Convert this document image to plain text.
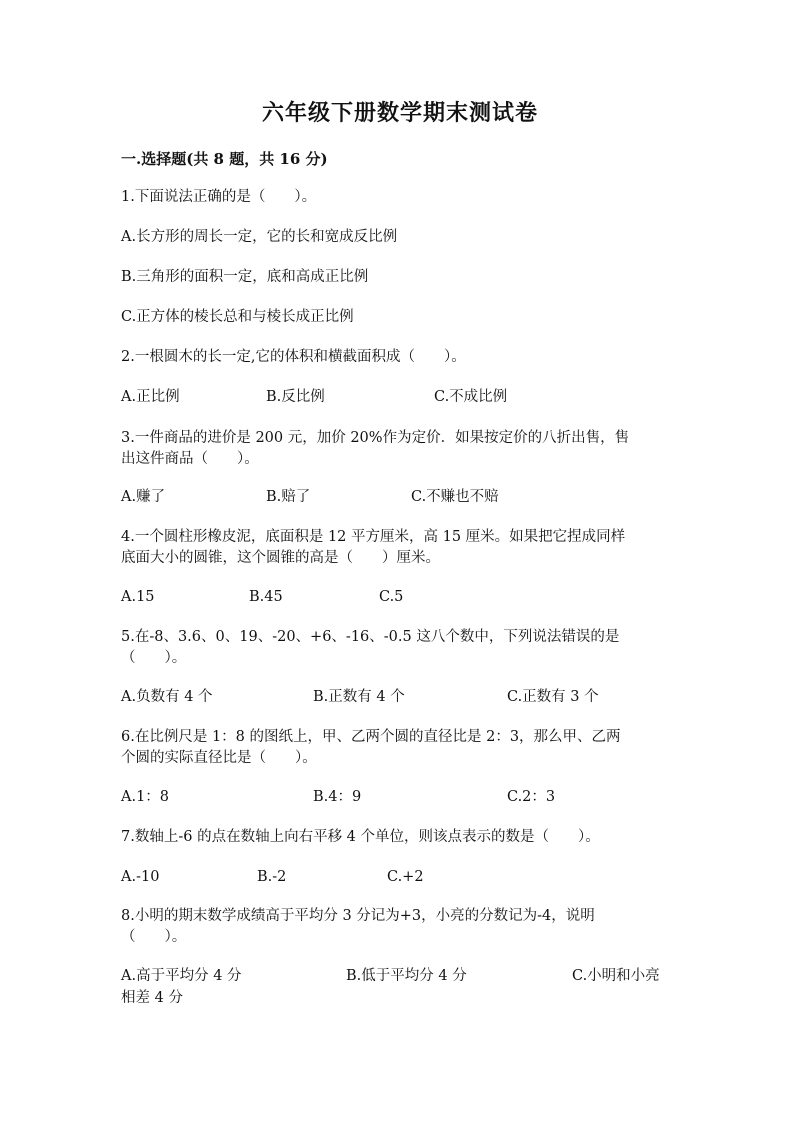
六年级下册数学期末测试卷
一.选择题(共 8 题，共 16 分)
1.下面说法正确的是（　　）。
A.长方形的周长一定，它的长和宽成反比例
B.三角形的面积一定，底和高成正比例
C.正方体的棱长总和与棱长成正比例
2.一根圆木的长一定,它的体积和横截面积成（　　）。
A.正比例	B.反比例	C.不成比例
3.一件商品的进价是 200 元，加价 20%作为定价．如果按定价的八折出售，售
出这件商品（　　）。
A.赚了	B.赔了	C.不赚也不赔
4.一个圆柱形橡皮泥，底面积是 12 平方厘米，高 15 厘米。如果把它捏成同样
底面大小的圆锥，这个圆锥的高是（　　）厘米。
A.15	B.45	C.5
5.在-8、3.6、0、19、-20、+6、-16、-0.5 这八个数中，下列说法错误的是
（　　）。
A.负数有 4 个	B.正数有 4 个	C.正数有 3 个
6.在比例尺是 1：8 的图纸上，甲、乙两个圆的直径比是 2：3，那么甲、乙两
个圆的实际直径比是（　　）。
A.1：8	B.4：9	C.2：3
7.数轴上-6 的点在数轴上向右平移 4 个单位，则该点表示的数是（　　）。
A.-10	B.-2	C.+2
8.小明的期末数学成绩高于平均分 3 分记为+3，小亮的分数记为-4，说明
（　　）。
A.高于平均分 4 分	B.低于平均分 4 分	C.小明和小亮
相差 4 分
